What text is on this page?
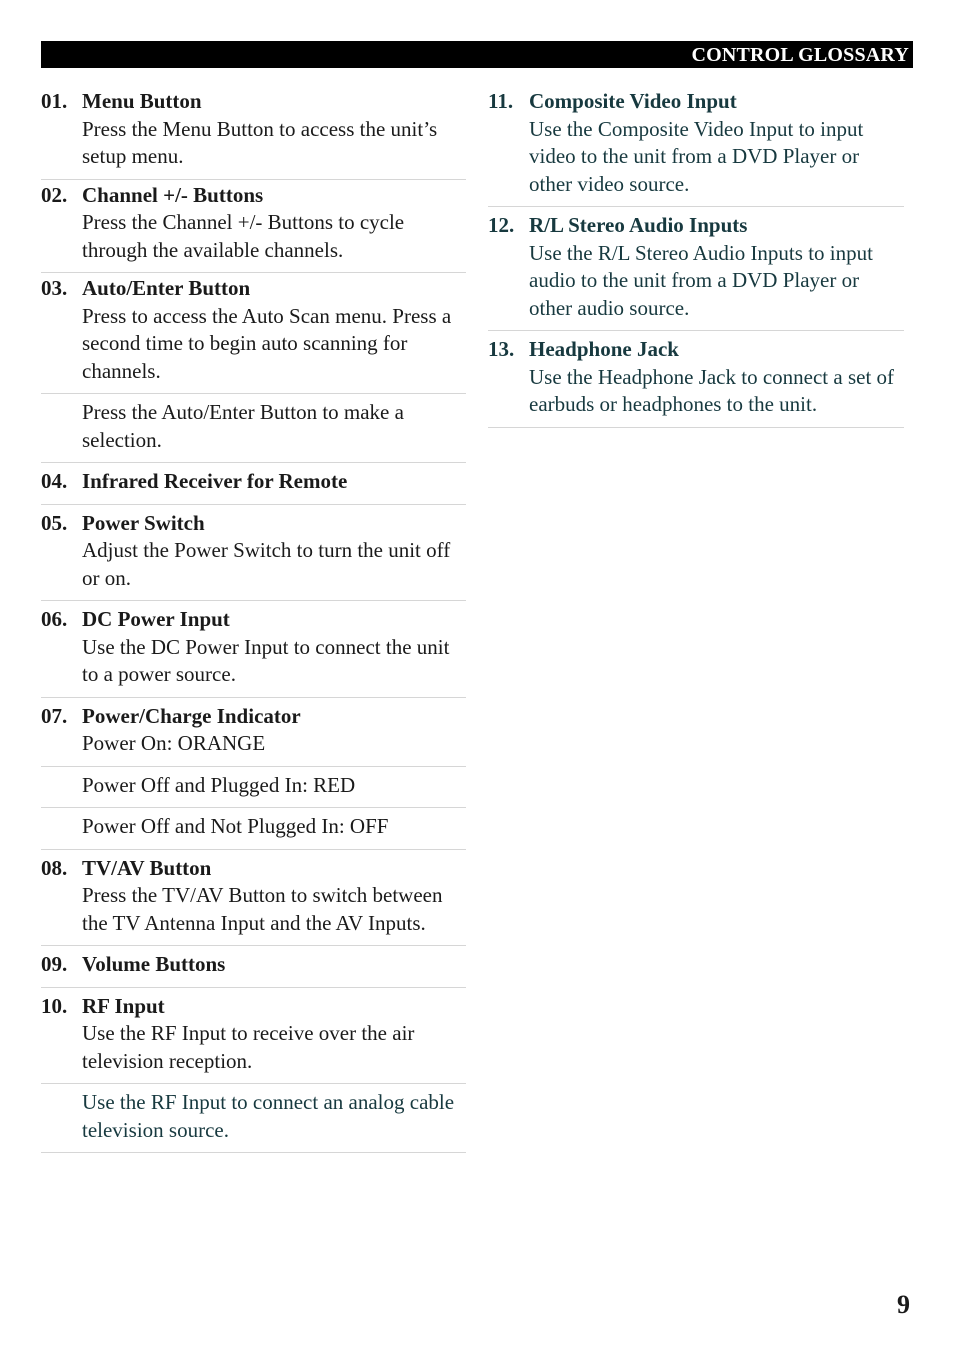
CONTROL GLOSSARY
01. Menu Button
Press the Menu Button to access the unit’s setup menu.
02. Channel +/- Buttons
Press the Channel +/- Buttons to cycle through the available channels.
03. Auto/Enter Button
Press to access the Auto Scan menu. Press a second time to begin auto scanning for channels.
Press the Auto/Enter Button to make a selection.
04. Infrared Receiver for Remote
05. Power Switch
Adjust the Power Switch to turn the unit off or on.
06. DC Power Input
Use the DC Power Input to connect the unit to a power source.
07. Power/Charge Indicator
Power On: ORANGE
Power Off and Plugged In: RED
Power Off and Not Plugged In: OFF
08. TV/AV Button
Press the TV/AV Button to switch between the TV Antenna Input and the AV Inputs.
09. Volume Buttons
10. RF Input
Use the RF Input to receive over the air television reception.
Use the RF Input to connect an analog cable television source.
11. Composite Video Input
Use the Composite Video Input to input video to the unit from a DVD Player or other video source.
12. R/L Stereo Audio Inputs
Use the R/L Stereo Audio Inputs to input audio to the unit from a DVD Player or other audio source.
13. Headphone Jack
Use the Headphone Jack to connect a set of earbuds or headphones to the unit.
9
